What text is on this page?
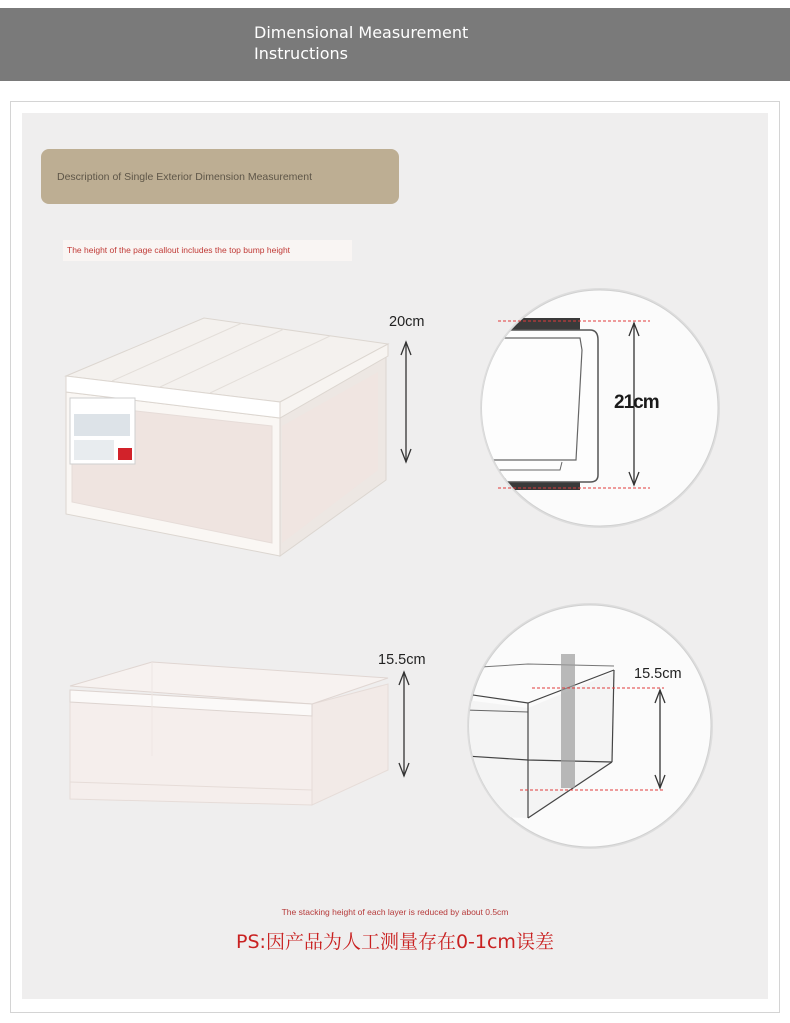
Dimensional Measurement
Instructions
Description of Single Exterior Dimension Measurement
The height of the page callout includes the top bump height
20cm
21cm
15.5cm
15.5cm
The stacking height of each layer is reduced by about 0.5cm
PS:因产品为人工测量存在0-1cm误差
